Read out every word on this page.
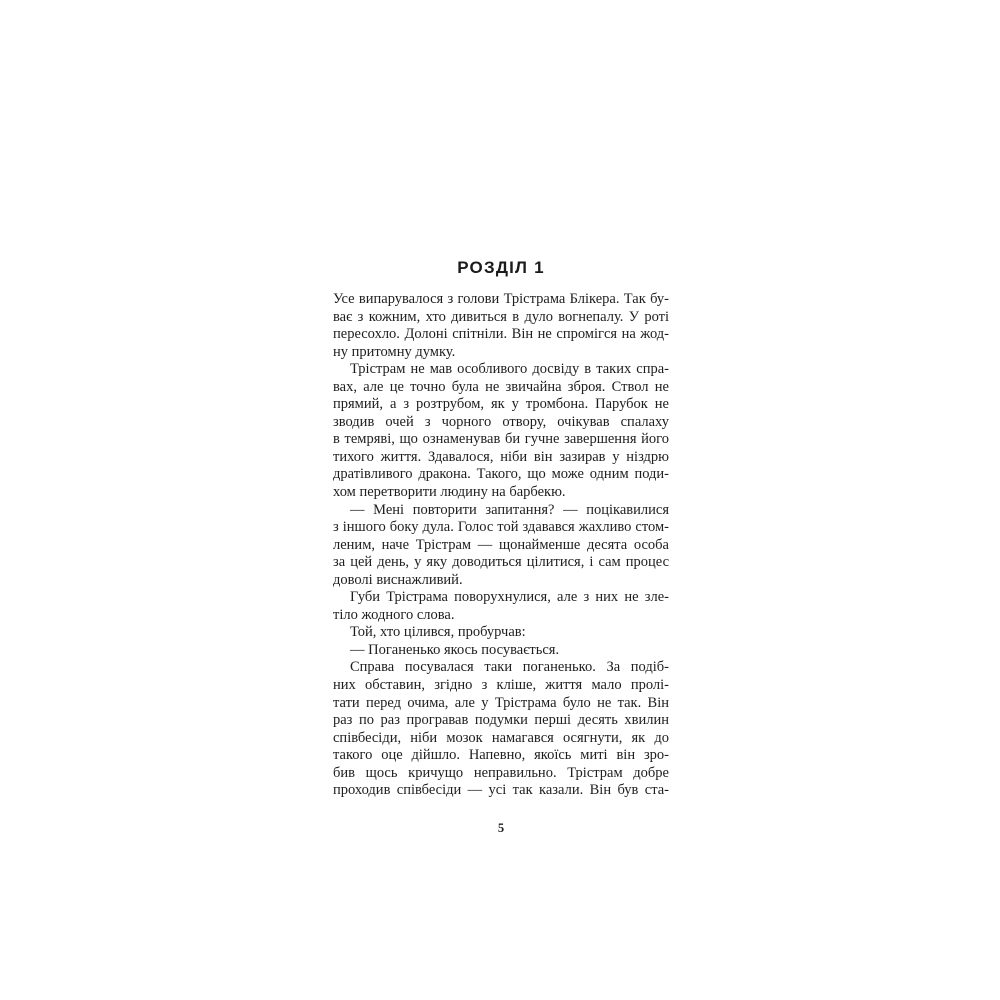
РОЗДІЛ 1
Усе випарувалося з голови Трістрама Блікера. Так бу-
ває з кожним, хто дивиться в дуло вогнепалу. У роті
пересохло. Долоні спітніли. Він не спромігся на жод-
ну притомну думку.
Трістрам не мав особливого досвіду в таких спра-
вах, але це точно була не звичайна зброя. Ствол не
прямий, а з розтрубом, як у тромбона. Парубок не
зводив очей з чорного отвору, очікував спалаху
в темряві, що ознаменував би гучне завершення його
тихого життя. Здавалося, ніби він зазирав у ніздрю
дратівливого дракона. Такого, що може одним поди-
хом перетворити людину на барбекю.
— Мені повторити запитання? — поцікавилися
з іншого боку дула. Голос той здавався жахливо стом-
леним, наче Трістрам — щонайменше десята особа
за цей день, у яку доводиться цілитися, і сам процес
доволі виснажливий.
Губи Трістрама поворухнулися, але з них не зле-
тіло жодного слова.
Той, хто цілився, пробурчав:
— Поганенько якось посувається.
Справа посувалася таки поганенько. За подіб-
них обставин, згідно з кліше, життя мало пролі-
тати перед очима, але у Трістрама було не так. Він
раз по раз програвав подумки перші десять хвилин
співбесіди, ніби мозок намагався осягнути, як до
такого оце дійшло. Напевно, якоїсь миті він зро-
бив щось кричущо неправильно. Трістрам добре
проходив співбесіди — усі так казали. Він був ста-
5
